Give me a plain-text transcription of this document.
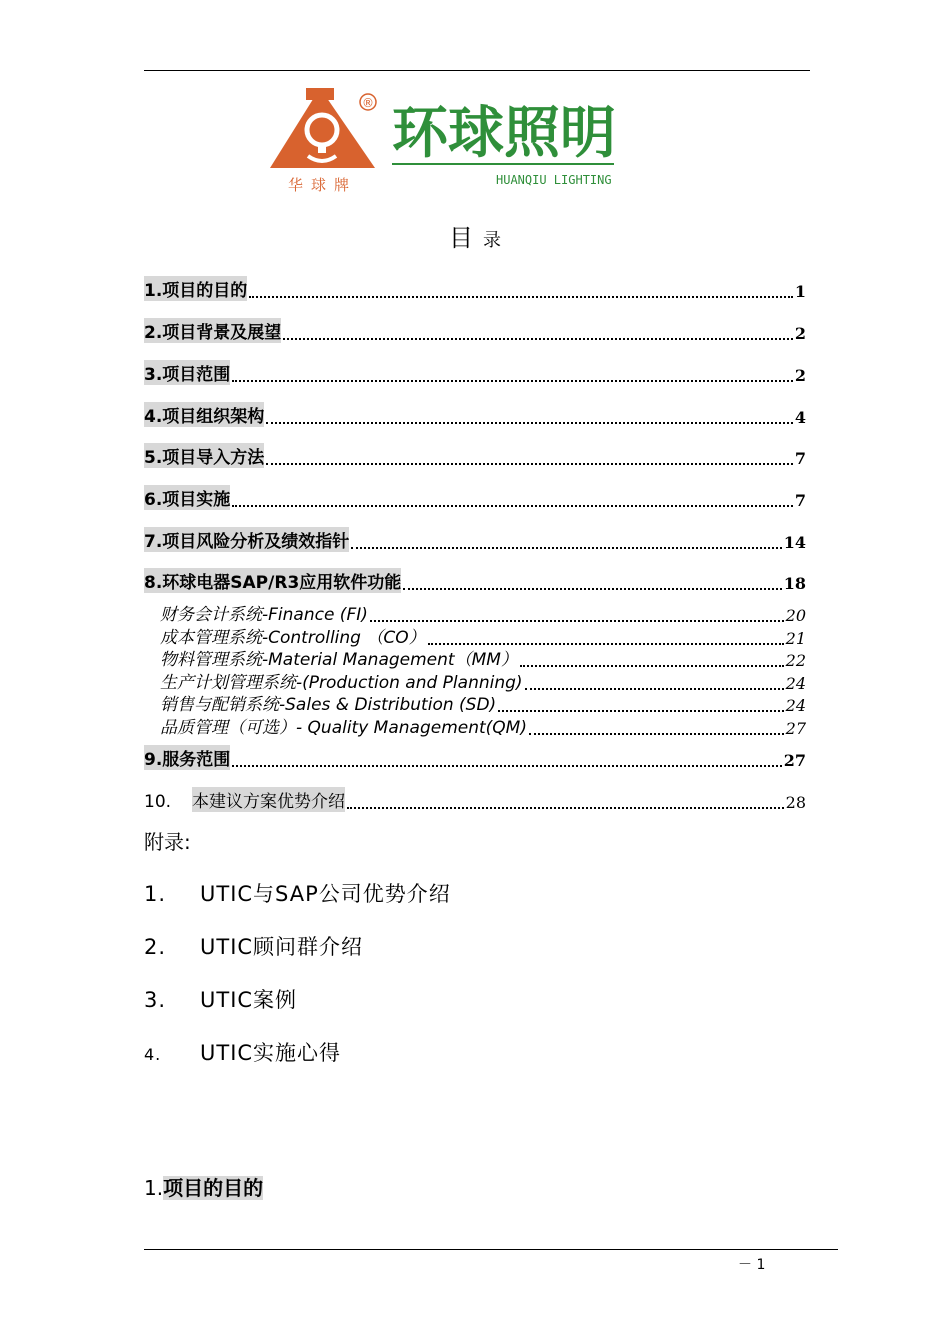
® 环球照明
HUANQIU LIGHTING
华球牌
目 录
1.项目的目的	1
2.项目背景及展望	2
3.项目范围	2
4.项目组织架构	4
5.项目导入方法	7
6.项目实施	7
7.项目风险分析及绩效指针	14
8.环球电器SAP/R3应用软件功能	18
财务会计系统-Finance (FI)	20
成本管理系统-Controlling （CO）	21
物料管理系统-Material Management（MM）	22
生产计划管理系统-(Production and Planning)	24
销售与配销系统-Sales & Distribution (SD)	24
品质管理（可选）- Quality Management(QM)	27
9.服务范围	27
10.	本建议方案优势介绍	28
附录:
1. UTIC与SAP公司优势介绍
2. UTIC顾问群介绍
3. UTIC案例
4. UTIC实施心得
1.项目的目的
－ 1
